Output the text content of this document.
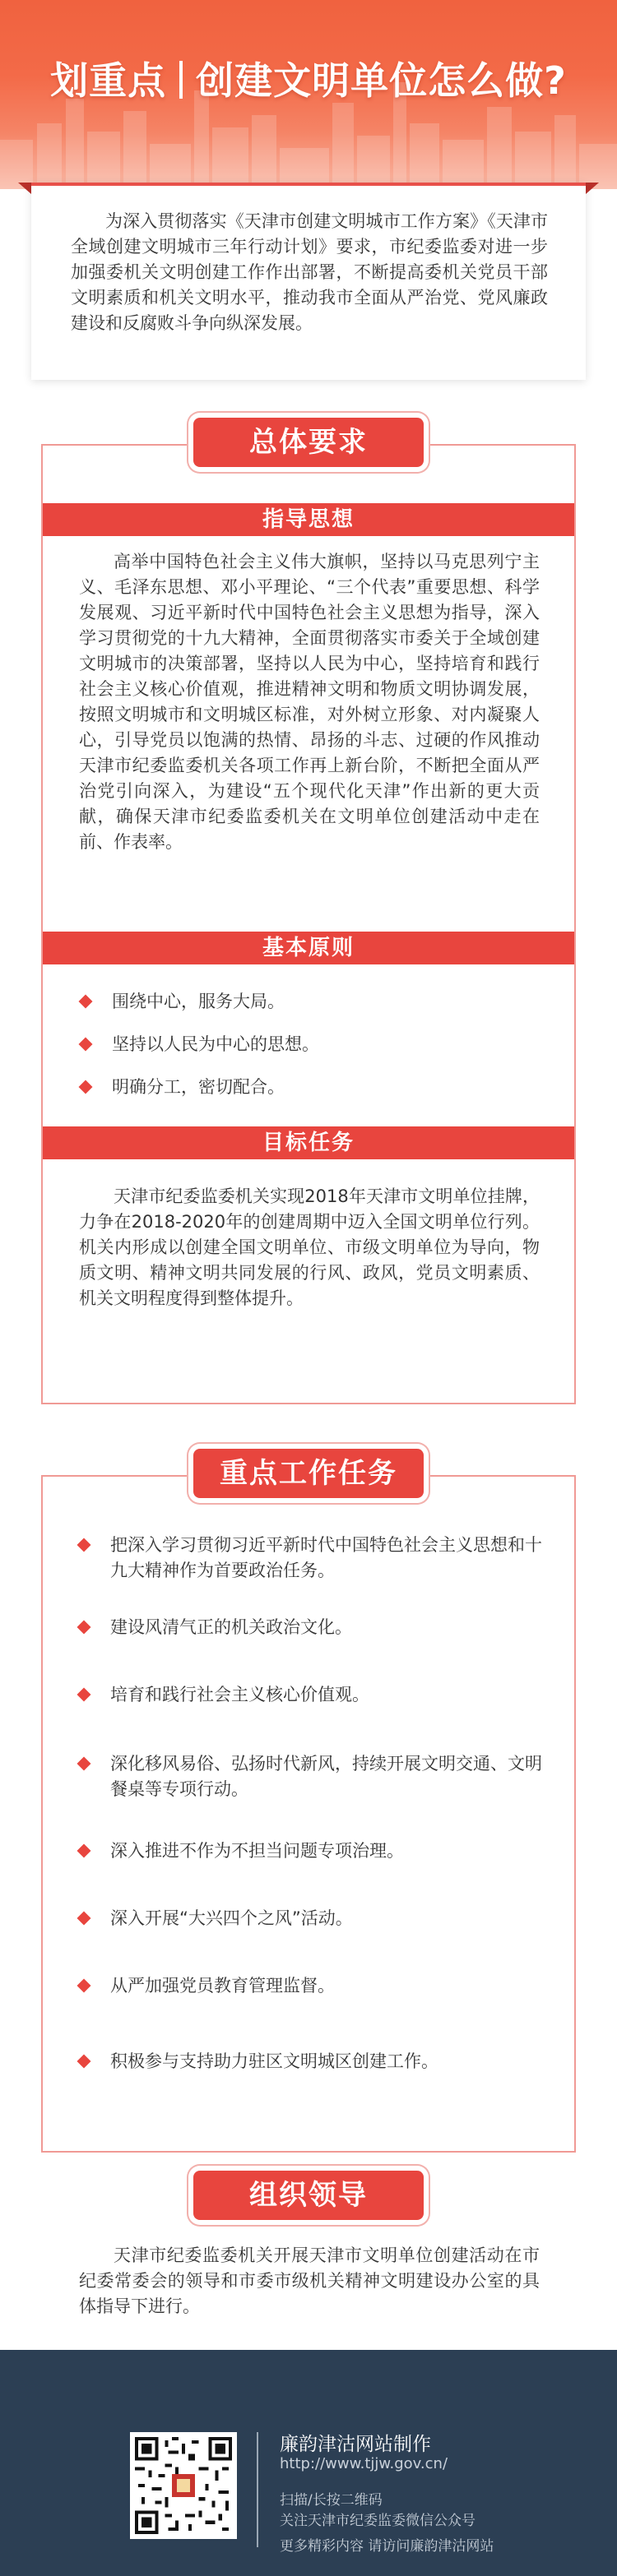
划重点 创建文明单位怎么做?

为深入贯彻落实《天津市创建文明城市工作方案》《天津市全域创建文明城市三年行动计划》要求，市纪委监委对进一步加强委机关文明创建工作作出部署，不断提高委机关党员干部文明素质和机关文明水平，推动我市全面从严治党、党风廉政建设和反腐败斗争向纵深发展。

总体要求
指导思想

高举中国特色社会主义伟大旗帜，坚持以马克思列宁主义、毛泽东思想、邓小平理论、“三个代表”重要思想、科学发展观、习近平新时代中国特色社会主义思想为指导，深入学习贯彻党的十九大精神，全面贯彻落实市委关于全域创建文明城市的决策部署，坚持以人民为中心，坚持培育和践行社会主义核心价值观，推进精神文明和物质文明协调发展，按照文明城市和文明城区标准，对外树立形象、对内凝聚人心，引导党员以饱满的热情、昂扬的斗志、过硬的作风推动天津市纪委监委机关各项工作再上新台阶，不断把全面从严治党引向深入，为建设“五个现代化天津”作出新的更大贡献，确保天津市纪委监委机关在文明单位创建活动中走在前、作表率。

基本原则
围绕中心，服务大局。
坚持以人民为中心的思想。
明确分工，密切配合。
目标任务

天津市纪委监委机关实现2018年天津市文明单位挂牌，力争在2018-2020年的创建周期中迈入全国文明单位行列。机关内形成以创建全国文明单位、市级文明单位为导向，物质文明、精神文明共同发展的行风、政风，党员文明素质、机关文明程度得到整体提升。

重点工作任务
把深入学习贯彻习近平新时代中国特色社会主义思想和十九大精神作为首要政治任务。
建设风清气正的机关政治文化。
培育和践行社会主义核心价值观。
深化移风易俗、弘扬时代新风，持续开展文明交通、文明餐桌等专项行动。
深入推进不作为不担当问题专项治理。
深入开展“大兴四个之风”活动。
从严加强党员教育管理监督。
积极参与支持助力驻区文明城区创建工作。
组织领导

天津市纪委监委机关开展天津市文明单位创建活动在市纪委常委会的领导和市委市级机关精神文明建设办公室的具体指导下进行。

廉韵津沽网站制作
http://www.tjjw.gov.cn/
扫描/长按二维码
关注天津市纪委监委微信公众号
更多精彩内容 请访问廉韵津沽网站
